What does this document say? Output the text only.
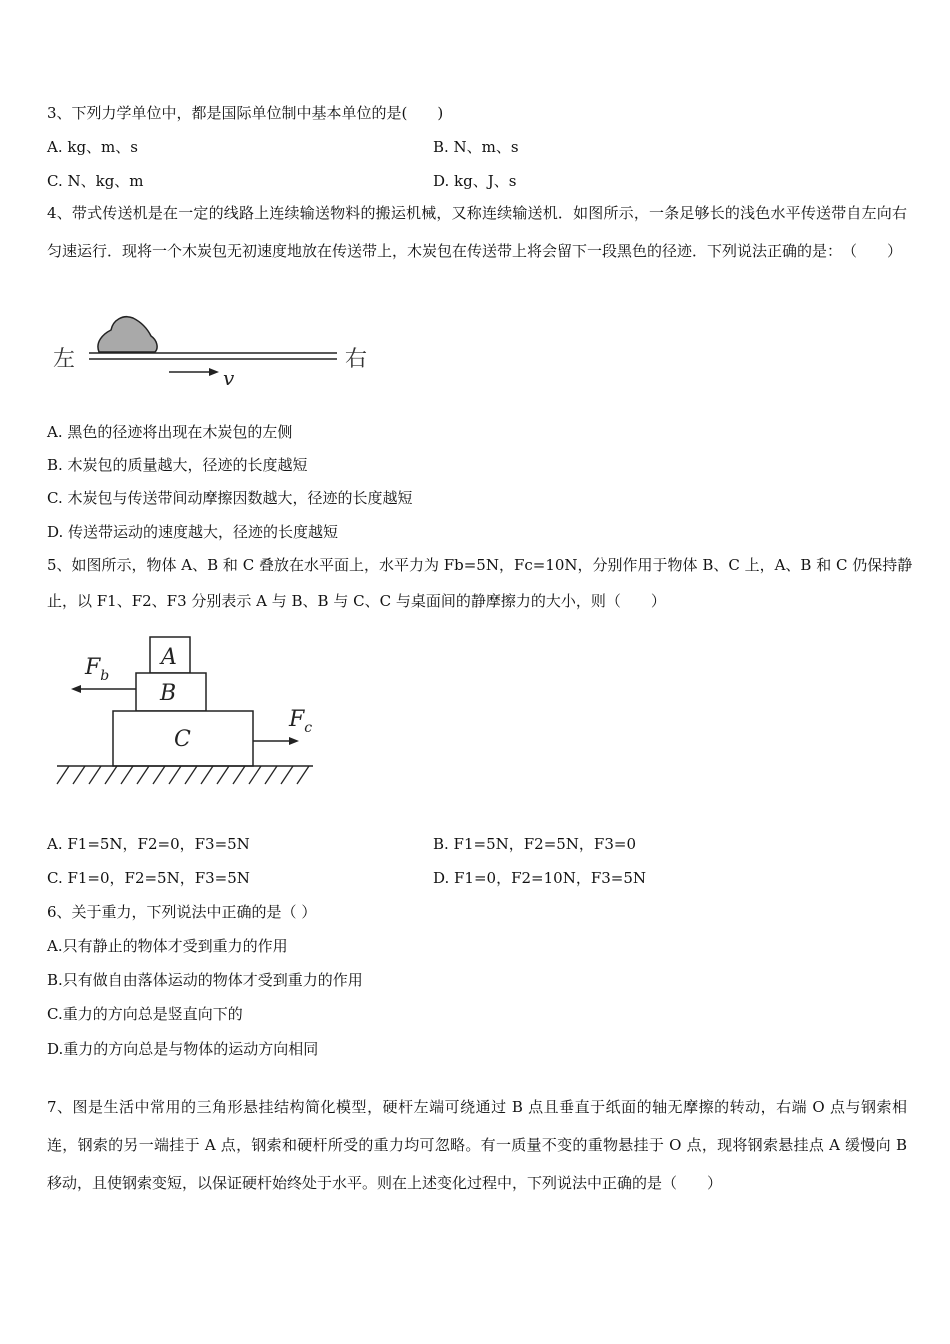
3、下列力学单位中，都是国际单位制中基本单位的是(　　)
A. kg、m、s	B. N、m、s
C. N、kg、m	D. kg、J、s
4、带式传送机是在一定的线路上连续输送物料的搬运机械，又称连续输送机．如图所示，一条足够长的浅色水平传送带自左向右匀速运行．现将一个木炭包无初速度地放在传送带上，木炭包在传送带上将会留下一段黑色的径迹．下列说法正确的是：　（　　）
左	右
v
A. 黑色的径迹将出现在木炭包的左侧
B. 木炭包的质量越大，径迹的长度越短
C. 木炭包与传送带间动摩擦因数越大，径迹的长度越短
D. 传送带运动的速度越大，径迹的长度越短
5、如图所示，物体 A、B 和 C 叠放在水平面上，水平力为 Fb=5N，Fc=10N，分别作用于物体 B、C 上，A、B 和 C 仍保持静
止，以 F1、F2、F3 分别表示 A 与 B、B 与 C、C 与桌面间的静摩擦力的大小，则（　　）
A
B
C
$F_b$
$F_c$
A. F1=5N，F2=0，F3=5N	B. F1=5N，F2=5N，F3=0
C. F1=0，F2=5N，F3=5N	D. F1=0，F2=10N，F3=5N
6、关于重力，下列说法中正确的是（ ）
A.只有静止的物体才受到重力的作用
B.只有做自由落体运动的物体才受到重力的作用
C.重力的方向总是竖直向下的
D.重力的方向总是与物体的运动方向相同
7、图是生活中常用的三角形悬挂结构简化模型，硬杆左端可绕通过 B 点且垂直于纸面的轴无摩擦的转动，右端 O 点与钢索相连，钢索的另一端挂于 A 点，钢索和硬杆所受的重力均可忽略。有一质量不变的重物悬挂于 O 点，现将钢索悬挂点 A 缓慢向 B 移动，且使钢索变短，以保证硬杆始终处于水平。则在上述变化过程中，下列说法中正确的是（　　）
